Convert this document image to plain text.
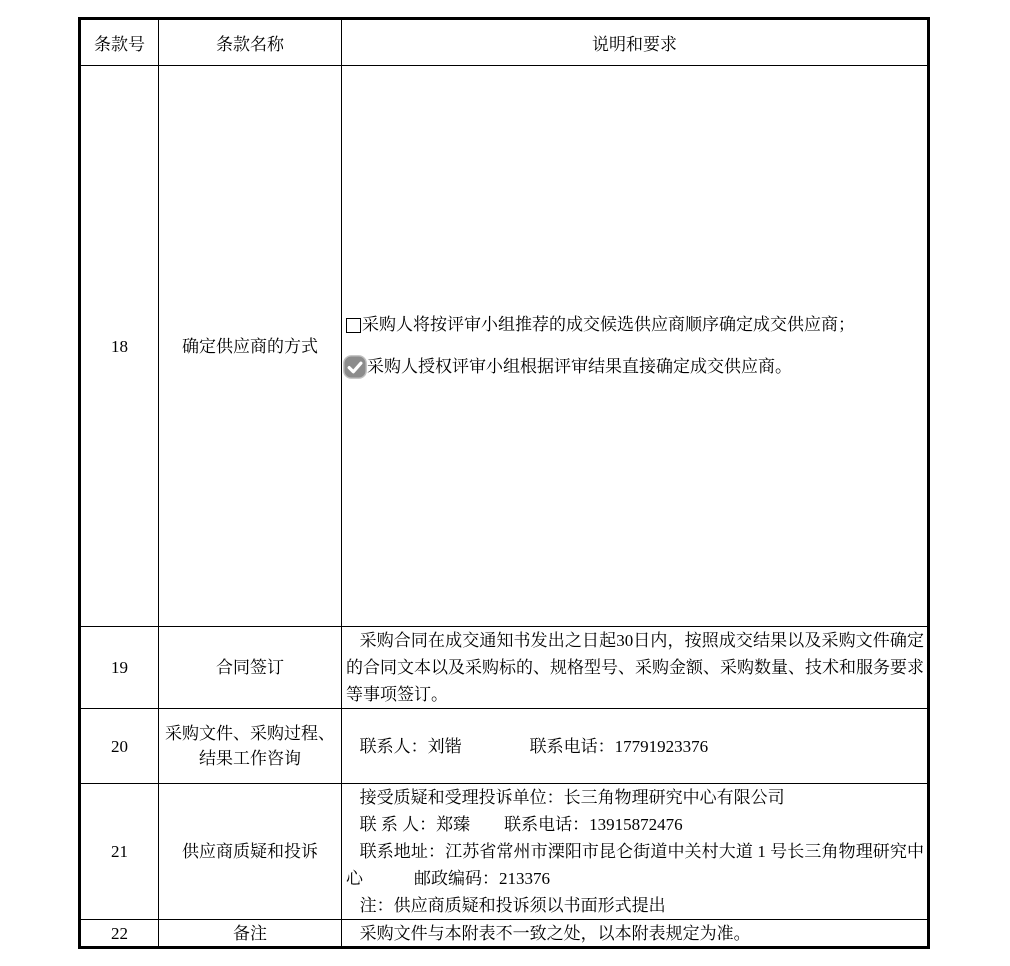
条款号	条款名称	说明和要求
18	确定供应商的方式	采购人将按评审小组推荐的成交候选供应商顺序确定成交供应商；

采购人授权评审小组根据评审结果直接确定成交供应商。

19	合同签订	采购合同在成交通知书发出之日起30日内，按照成交结果以及采购文件确定的合同文本以及采购标的、规格型号、采购金额、采购数量、技术和服务要求等事项签订。

20	采购文件、采购过程、结果工作咨询	联系人：刘锴　　　　联系电话：17791923376

21	供应商质疑和投诉	接受质疑和受理投诉单位：长三角物理研究中心有限公司

联 系 人：郑臻　　联系电话：13915872476

联系地址：江苏省常州市溧阳市昆仑街道中关村大道 1 号长三角物理研究中心　　　邮政编码：213376

注：供应商质疑和投诉须以书面形式提出

22	备注	采购文件与本附表不一致之处，以本附表规定为准。
